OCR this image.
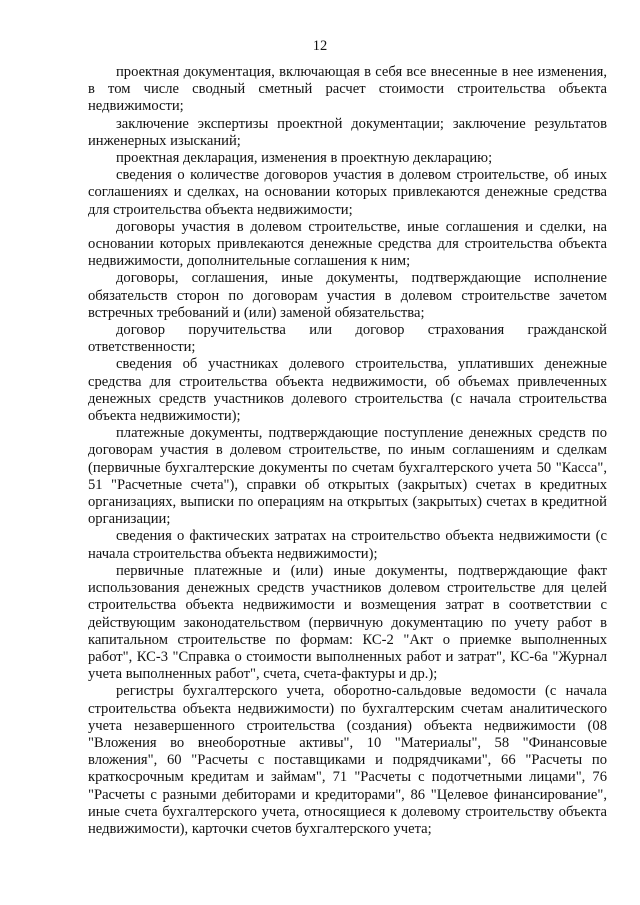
12

проектная документация, включающая в себя все внесенные в нее изменения, в том числе сводный сметный расчет стоимости строительства объекта недвижимости;

заключение экспертизы проектной документации; заключение результатов инженерных изысканий;

проектная декларация, изменения в проектную декларацию;

сведения о количестве договоров участия в долевом строительстве, об иных соглашениях и сделках, на основании которых привлекаются денежные средства для строительства объекта недвижимости;

договоры участия в долевом строительстве, иные соглашения и сделки, на основании которых привлекаются денежные средства для строительства объекта недвижимости, дополнительные соглашения к ним;

договоры, соглашения, иные документы, подтверждающие исполнение обязательств сторон по договорам участия в долевом строительстве зачетом встречных требований и (или) заменой обязательства;

договор поручительства или договор страхования гражданской ответственности;

сведения об участниках долевого строительства, уплативших денежные средства для строительства объекта недвижимости, об объемах привлеченных денежных средств участников долевого строительства (с начала строительства объекта недвижимости);

платежные документы, подтверждающие поступление денежных средств по договорам участия в долевом строительстве, по иным соглашениям и сделкам (первичные бухгалтерские документы по счетам бухгалтерского учета 50 "Касса", 51 "Расчетные счета"), справки об открытых (закрытых) счетах в кредитных организациях, выписки по операциям на открытых (закрытых) счетах в кредитной организации;

сведения о фактических затратах на строительство объекта недвижимости (с начала строительства объекта недвижимости);

первичные платежные и (или) иные документы, подтверждающие факт использования денежных средств участников долевом строительстве для целей строительства объекта недвижимости и возмещения затрат в соответствии с действующим законодательством (первичную документацию по учету работ в капитальном строительстве по формам: КС-2 "Акт о приемке выполненных работ", КС-3 "Справка о стоимости выполненных работ и затрат", КС-6а "Журнал учета выполненных работ", счета, счета-фактуры и др.);

регистры бухгалтерского учета, оборотно-сальдовые ведомости (с начала строительства объекта недвижимости) по бухгалтерским счетам аналитического учета незавершенного строительства (создания) объекта недвижимости (08 "Вложения во внеоборотные активы", 10 "Материалы", 58 "Финансовые вложения", 60 "Расчеты с поставщиками и подрядчиками", 66 "Расчеты по краткосрочным кредитам и займам", 71 "Расчеты с подотчетными лицами", 76 "Расчеты с разными дебиторами и кредиторами", 86 "Целевое финансирование", иные счета бухгалтерского учета, относящиеся к долевому строительству объекта недвижимости), карточки счетов бухгалтерского учета;
